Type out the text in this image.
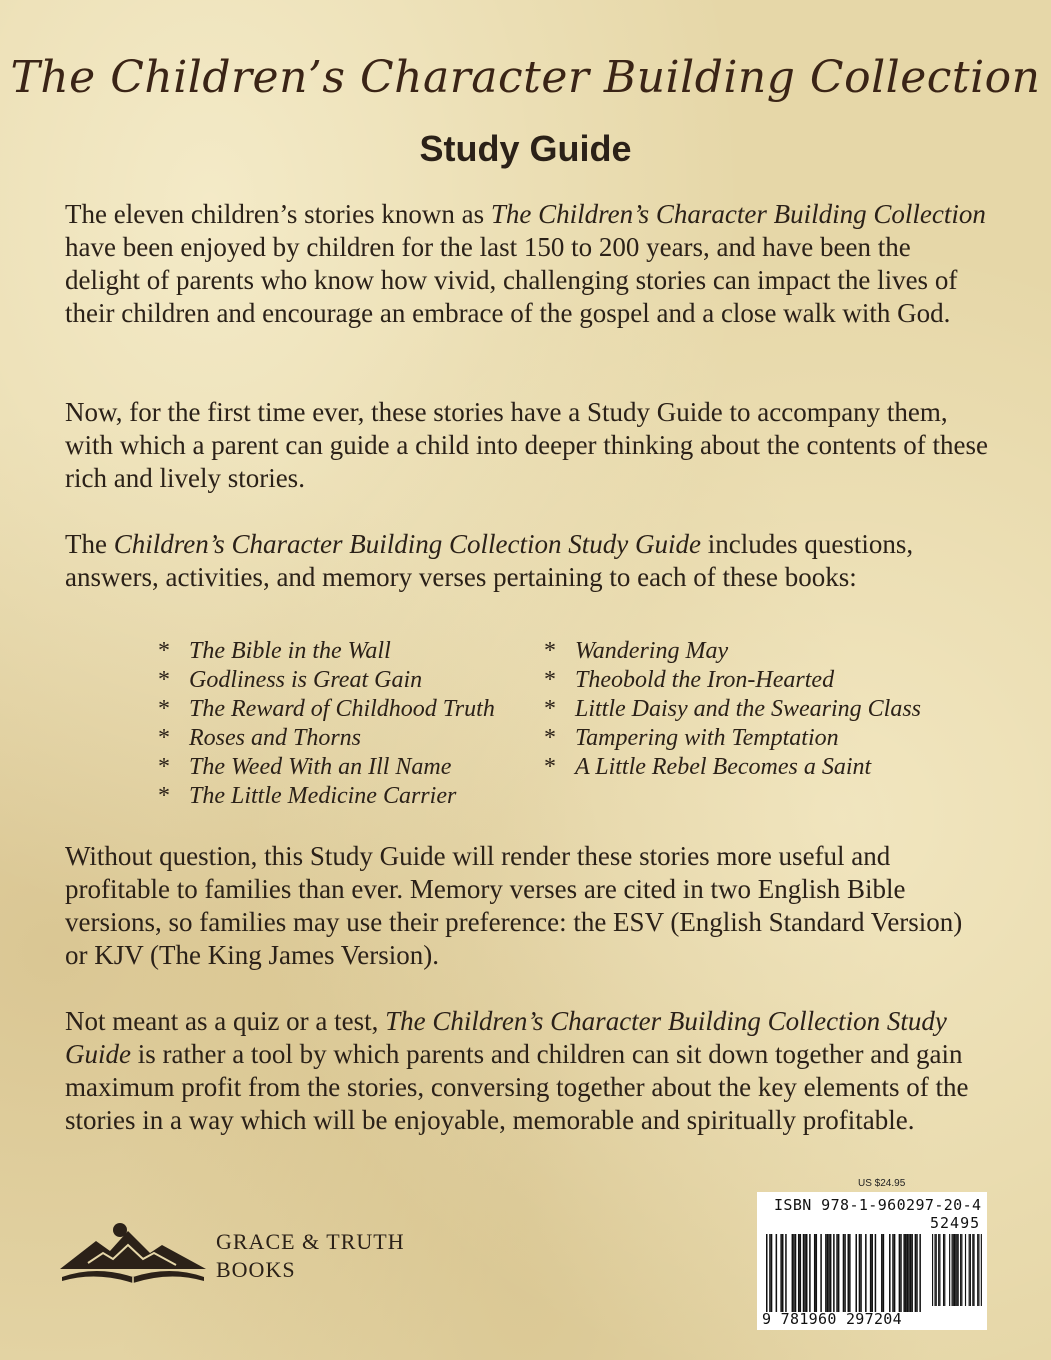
The Children’s Character Building Collection
Study Guide

The eleven children’s stories known as The Children’s Character Building Collection have been enjoyed by children for the last 150 to 200 years, and have been the delight of parents who know how vivid, challenging stories can impact the lives of their children and encourage an embrace of the gospel and a close walk with God.

Now, for the first time ever, these stories have a Study Guide to accompany them, with which a parent can guide a child into deeper thinking about the contents of these rich and lively stories.

The Children’s Character Building Collection Study Guide includes questions, answers, activities, and memory verses pertaining to each of these books:

* The Bible in the Wall
* Godliness is Great Gain
* The Reward of Childhood Truth
* Roses and Thorns
* The Weed With an Ill Name
* The Little Medicine Carrier
* Wandering May
* Theobold the Iron-Hearted
* Little Daisy and the Swearing Class
* Tampering with Temptation
* A Little Rebel Becomes a Saint

Without question, this Study Guide will render these stories more useful and profitable to families than ever. Memory verses are cited in two English Bible versions, so families may use their preference: the ESV (English Standard Version) or KJV (The King James Version).

Not meant as a quiz or a test, The Children’s Character Building Collection Study Guide is rather a tool by which parents and children can sit down together and gain maximum profit from the stories, conversing together about the key elements of the stories in a way which will be enjoyable, memorable and spiritually profitable.

GRACE & TRUTH
BOOKS
US $24.95
ISBN 978-1-960297-20-4
52495
9 781960 297204
